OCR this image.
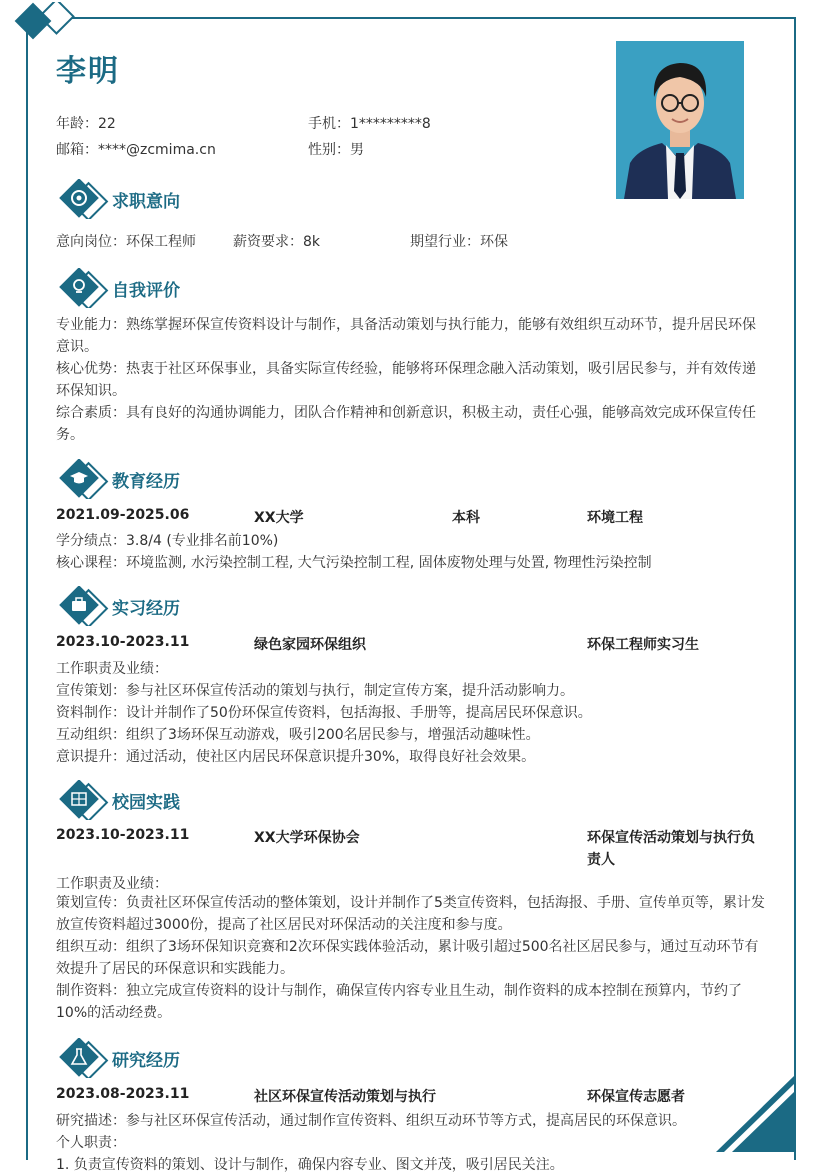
李明
年龄：22	手机：1*********8
邮箱：****@zcmima.cn	性别：男
求职意向
意向岗位：环保工程师	薪资要求：8k	期望行业：环保
自我评价
专业能力：熟练掌握环保宣传资料设计与制作，具备活动策划与执行能力，能够有效组织互动环节，提升居民环保意识。
核心优势：热衷于社区环保事业，具备实际宣传经验，能够将环保理念融入活动策划，吸引居民参与，并有效传递环保知识。
综合素质：具有良好的沟通协调能力，团队合作精神和创新意识，积极主动，责任心强，能够高效完成环保宣传任务。
教育经历
2021.09-2025.06	XX大学	本科	环境工程
学分绩点：3.8/4 (专业排名前10%)
核心课程：环境监测, 水污染控制工程, 大气污染控制工程, 固体废物处理与处置, 物理性污染控制
实习经历
2023.10-2023.11	绿色家园环保组织	环保工程师实习生
工作职责及业绩：
宣传策划：参与社区环保宣传活动的策划与执行，制定宣传方案，提升活动影响力。
资料制作：设计并制作了50份环保宣传资料，包括海报、手册等，提高居民环保意识。
互动组织：组织了3场环保互动游戏，吸引200名居民参与，增强活动趣味性。
意识提升：通过活动，使社区内居民环保意识提升30%，取得良好社会效果。
校园实践
2023.10-2023.11	XX大学环保协会	环保宣传活动策划与执行负责人
工作职责及业绩：
策划宣传：负责社区环保宣传活动的整体策划，设计并制作了5类宣传资料，包括海报、手册、宣传单页等，累计发放宣传资料超过3000份，提高了社区居民对环保活动的关注度和参与度。
组织互动：组织了3场环保知识竞赛和2次环保实践体验活动，累计吸引超过500名社区居民参与，通过互动环节有效提升了居民的环保意识和实践能力。
制作资料：独立完成宣传资料的设计与制作，确保宣传内容专业且生动，制作资料的成本控制在预算内，节约了10%的活动经费。
研究经历
2023.08-2023.11	社区环保宣传活动策划与执行	环保宣传志愿者
研究描述：参与社区环保宣传活动，通过制作宣传资料、组织互动环节等方式，提高居民的环保意识。
个人职责：
1. 负责宣传资料的策划、设计与制作，确保内容专业、图文并茂，吸引居民关注。
